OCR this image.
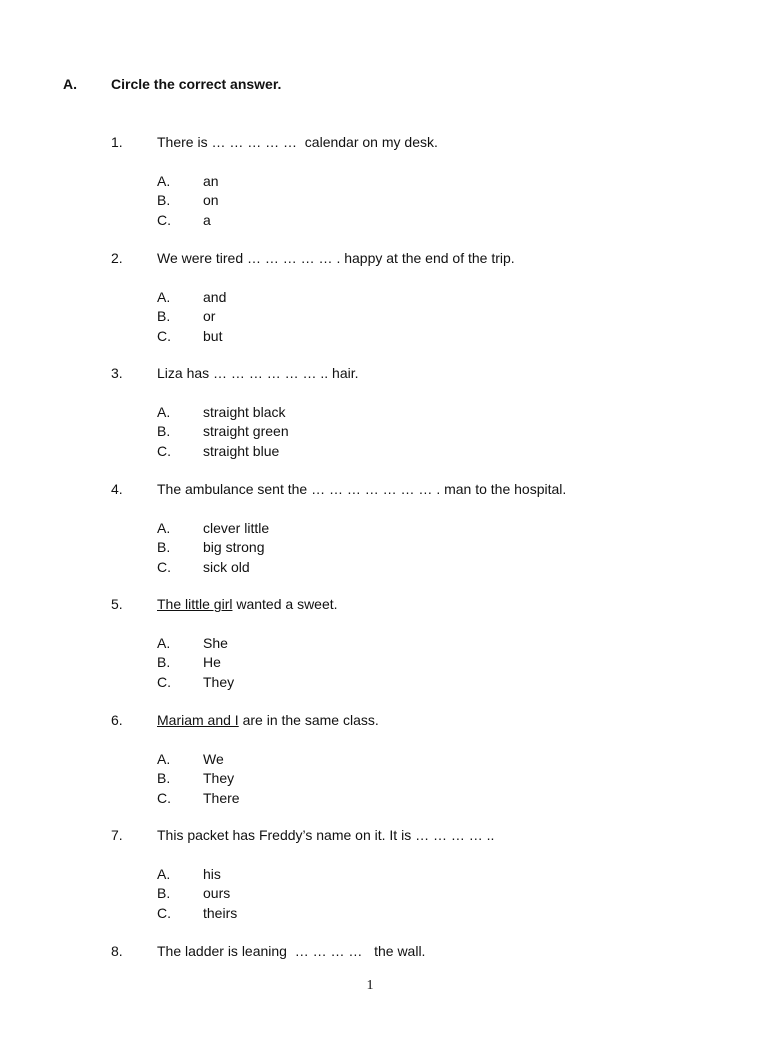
A. Circle the correct answer.
1. There is … … … … …  calendar on my desk.
A. an
B. on
C. a
2. We were tired … … … … … . happy at the end of the trip.
A. and
B. or
C. but
3. Liza has … … … … … … .. hair.
A. straight black
B. straight green
C. straight blue
4. The ambulance sent the … … … … … … … . man to the hospital.
A. clever little
B. big strong
C. sick old
5. The little girl wanted a sweet.
A. She
B. He
C. They
6. Mariam and I are in the same class.
A. We
B. They
C. There
7. This packet has Freddy’s name on it. It is … … … … ..
A. his
B. ours
C. theirs
8. The ladder is leaning  … … … …   the wall.
1
